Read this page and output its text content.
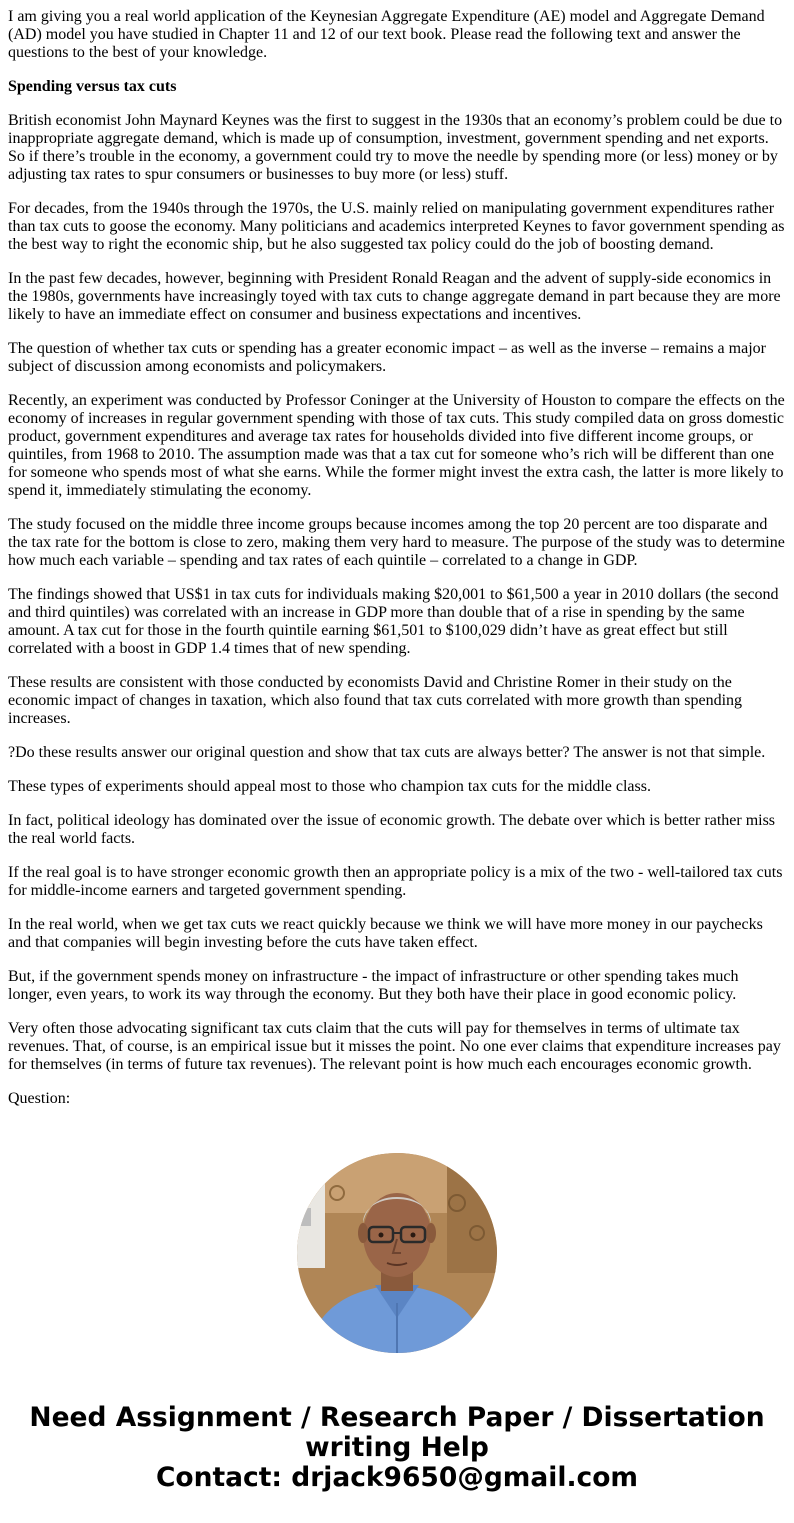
I am giving you a real world application of the Keynesian Aggregate Expenditure (AE) model and Aggregate Demand (AD) model you have studied in Chapter 11 and 12 of our text book. Please read the following text and answer the questions to the best of your knowledge.

Spending versus tax cuts

British economist John Maynard Keynes was the first to suggest in the 1930s that an economy’s problem could be due to inappropriate aggregate demand, which is made up of consumption, investment, government spending and net exports. So if there’s trouble in the economy, a government could try to move the needle by spending more (or less) money or by adjusting tax rates to spur consumers or businesses to buy more (or less) stuff.

For decades, from the 1940s through the 1970s, the U.S. mainly relied on manipulating government expenditures rather than tax cuts to goose the economy. Many politicians and academics interpreted Keynes to favor government spending as the best way to right the economic ship, but he also suggested tax policy could do the job of boosting demand.

In the past few decades, however, beginning with President Ronald Reagan and the advent of supply-side economics in the 1980s, governments have increasingly toyed with tax cuts to change aggregate demand in part because they are more likely to have an immediate effect on consumer and business expectations and incentives.

The question of whether tax cuts or spending has a greater economic impact – as well as the inverse – remains a major subject of discussion among economists and policymakers.

Recently, an experiment was conducted by Professor Coninger at the University of Houston to compare the effects on the economy of increases in regular government spending with those of tax cuts. This study compiled data on gross domestic product, government expenditures and average tax rates for households divided into five different income groups, or quintiles, from 1968 to 2010. The assumption made was that a tax cut for someone who’s rich will be different than one for someone who spends most of what she earns. While the former might invest the extra cash, the latter is more likely to spend it, immediately stimulating the economy.

The study focused on the middle three income groups because incomes among the top 20 percent are too disparate and the tax rate for the bottom is close to zero, making them very hard to measure. The purpose of the study was to determine how much each variable – spending and tax rates of each quintile – correlated to a change in GDP.

The findings showed that US$1 in tax cuts for individuals making $20,001 to $61,500 a year in 2010 dollars (the second and third quintiles) was correlated with an increase in GDP more than double that of a rise in spending by the same amount. A tax cut for those in the fourth quintile earning $61,501 to $100,029 didn’t have as great effect but still correlated with a boost in GDP 1.4 times that of new spending.

These results are consistent with those conducted by economists David and Christine Romer in their study on the economic impact of changes in taxation, which also found that tax cuts correlated with more growth than spending increases.

?Do these results answer our original question and show that tax cuts are always better? The answer is not that simple.

These types of experiments should appeal most to those who champion tax cuts for the middle class.

In fact, political ideology has dominated over the issue of economic growth. The debate over which is better rather miss the real world facts.

If the real goal is to have stronger economic growth then an appropriate policy is a mix of the two - well-tailored tax cuts for middle-income earners and targeted government spending.

In the real world, when we get tax cuts we react quickly because we think we will have more money in our paychecks and that companies will begin investing before the cuts have taken effect.

But, if the government spends money on infrastructure - the impact of infrastructure or other spending takes much longer, even years, to work its way through the economy. But they both have their place in good economic policy.

Very often those advocating significant tax cuts claim that the cuts will pay for themselves in terms of ultimate tax revenues. That, of course, is an empirical issue but it misses the point. No one ever claims that expenditure increases pay for themselves (in terms of future tax revenues). The relevant point is how much each encourages economic growth.

Question:

Need Assignment / Research Paper / Dissertation
writing Help
Contact: drjack9650@gmail.com
